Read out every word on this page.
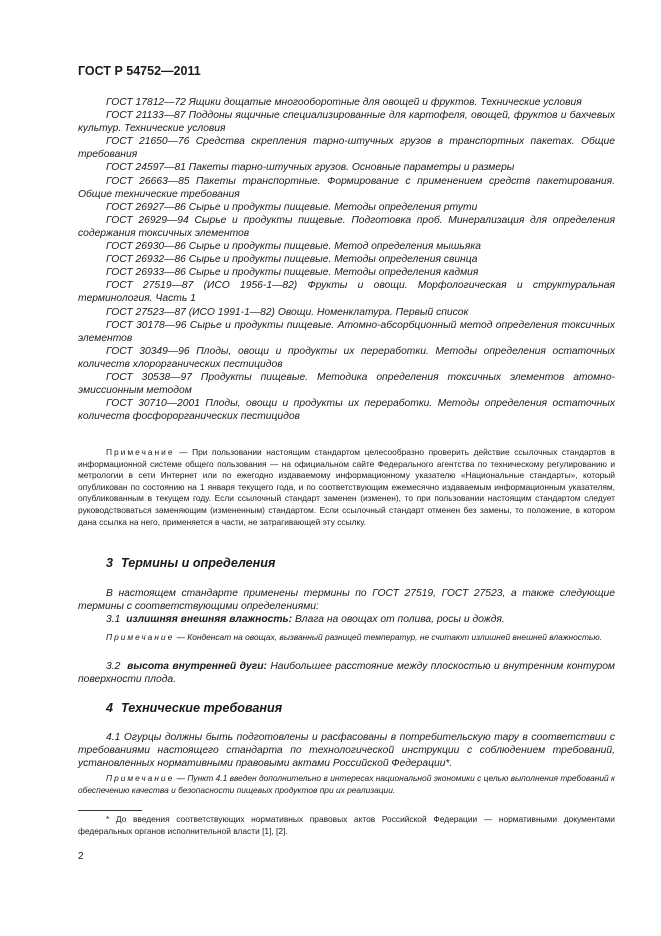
ГОСТ Р 54752—2011

ГОСТ 17812—72 Ящики дощатые многооборотные для овощей и фруктов. Технические условия

ГОСТ 21133—87 Поддоны ящичные специализированные для картофеля, овощей, фруктов и бахчевых культур. Технические условия

ГОСТ 21650—76 Средства скрепления тарно-штучных грузов в транспортных пакетах. Общие требования

ГОСТ 24597—81 Пакеты тарно-штучных грузов. Основные параметры и размеры

ГОСТ 26663—85 Пакеты транспортные. Формирование с применением средств пакетирования. Общие технические требования

ГОСТ 26927—86 Сырье и продукты пищевые. Методы определения ртути

ГОСТ 26929—94 Сырье и продукты пищевые. Подготовка проб. Минерализация для определения содержания токсичных элементов

ГОСТ 26930—86 Сырье и продукты пищевые. Метод определения мышьяка

ГОСТ 26932—86 Сырье и продукты пищевые. Методы определения свинца

ГОСТ 26933—86 Сырье и продукты пищевые. Методы определения кадмия

ГОСТ 27519—87 (ИСО 1956-1—82) Фрукты и овощи. Морфологическая и структуральная терминология. Часть 1

ГОСТ 27523—87 (ИСО 1991-1—82) Овощи. Номенклатура. Первый список

ГОСТ 30178—96 Сырье и продукты пищевые. Атомно-абсорбционный метод определения токсичных элементов

ГОСТ 30349—96 Плоды, овощи и продукты их переработки. Методы определения остаточных количеств хлорорганических пестицидов

ГОСТ 30538—97 Продукты пищевые. Методика определения токсичных элементов атомно-эмиссионным методом

ГОСТ 30710—2001 Плоды, овощи и продукты их переработки. Методы определения остаточных количеств фосфорорганических пестицидов

Примечание — При пользовании настоящим стандартом целесообразно проверить действие ссылочных стандартов в информационной системе общего пользования — на официальном сайте Федерального агентства по техническому регулированию и метрологии в сети Интернет или по ежегодно издаваемому информационному указателю «Национальные стандарты», который опубликован по состоянию на 1 января текущего года, и по соответствующим ежемесячно издаваемым информационным указателям, опубликованным в текущем году. Если ссылочный стандарт заменен (изменен), то при пользовании настоящим стандартом следует руководствоваться заменяющим (измененным) стандартом. Если ссылочный стандарт отменен без замены, то положение, в котором дана ссылка на него, применяется в части, не затрагивающей эту ссылку.

3 Термины и определения

В настоящем стандарте применены термины по ГОСТ 27519, ГОСТ 27523, а также следующие термины с соответствующими определениями:

3.1 излишняя внешняя влажность: Влага на овощах от полива, росы и дождя.

Примечание — Конденсат на овощах, вызванный разницей температур, не считают излишней внешней влажностью.

3.2 высота внутренней дуги: Наибольшее расстояние между плоскостью и внутренним контуром поверхности плода.

4 Технические требования

4.1 Огурцы должны быть подготовлены и расфасованы в потребительскую тару в соответствии с требованиями настоящего стандарта по технологической инструкции с соблюдением требований, установленных нормативными правовыми актами Российской Федерации*.

Примечание — Пункт 4.1 введен дополнительно в интересах национальной экономики с целью выполнения требований к обеспечению качества и безопасности пищевых продуктов при их реализации.

* До введения соответствующих нормативных правовых актов Российской Федерации — нормативными документами федеральных органов исполнительной власти [1], [2].

2
